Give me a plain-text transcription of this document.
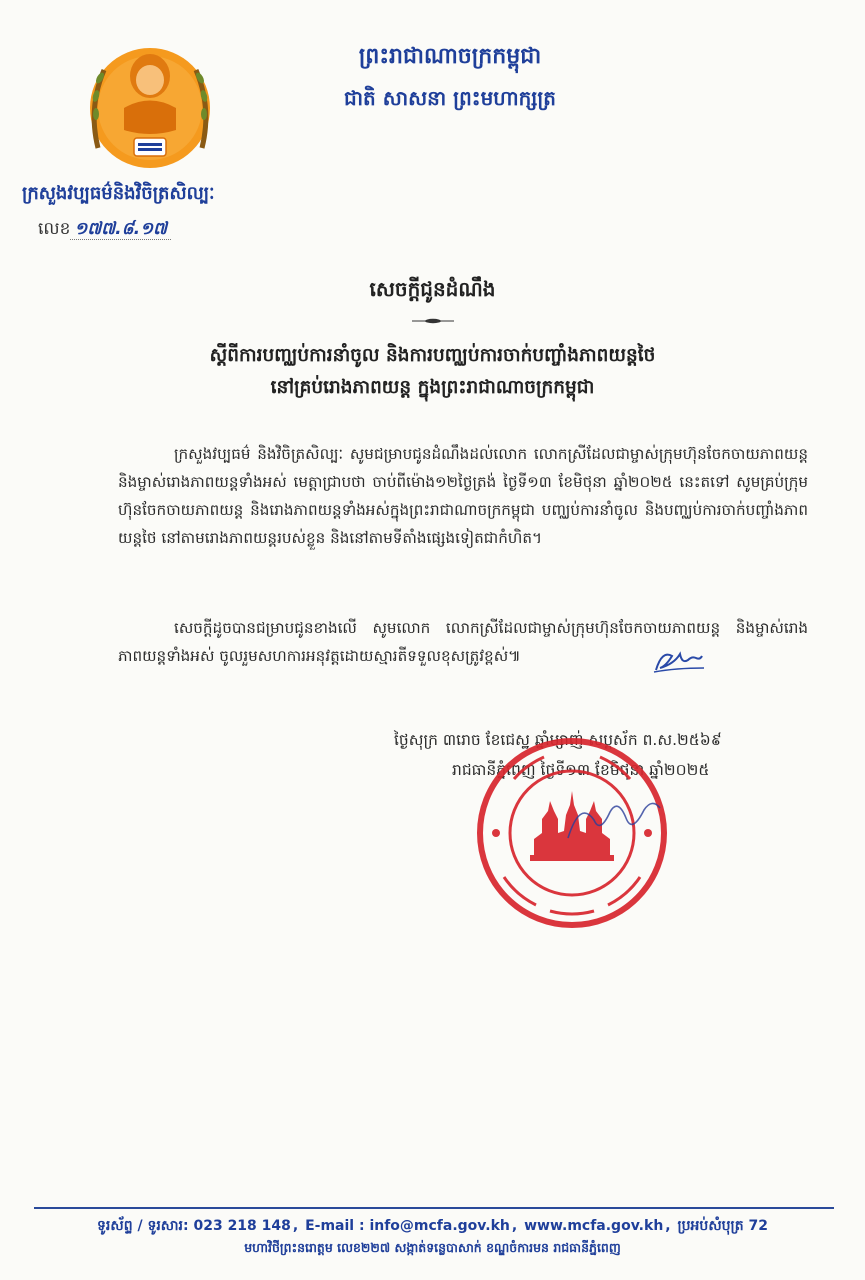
ព្រះរាជាណាចក្រកម្ពុជា
ជាតិ សាសនា ព្រះមហាក្សត្រ
ក្រសួងវប្បធម៌និងវិចិត្រសិល្បៈ
លេខ ១៧៧.៨.១៧
សេចក្ដីជូនដំណឹង
ស្ដីពីការបញ្ឈប់ការនាំចូល និងការបញ្ឈប់ការចាក់បញ្ចាំងភាពយន្តថៃ
នៅគ្រប់រោងភាពយន្ត ក្នុងព្រះរាជាណាចក្រកម្ពុជា
ក្រសួងវប្បធម៌ និងវិចិត្រសិល្បៈ សូមជម្រាបជូនដំណឹងដល់លោក លោកស្រីដែលជាម្ចាស់ក្រុមហ៊ុនចែកចាយភាពយន្ត និងម្ចាស់រោងភាពយន្តទាំងអស់ មេត្តាជ្រាបថា ចាប់ពីម៉ោង១២ថ្ងៃត្រង់ ថ្ងៃទី១៣ ខែមិថុនា ឆ្នាំ២០២៥ នេះតទៅ សូមគ្រប់ក្រុមហ៊ុនចែកចាយភាពយន្ត និងរោងភាពយន្តទាំងអស់ក្នុងព្រះរាជាណាចក្រកម្ពុជា បញ្ឈប់ការនាំចូល និងបញ្ឈប់ការចាក់បញ្ចាំងភាពយន្តថៃ នៅតាមរោងភាពយន្តរបស់ខ្លួន និងនៅតាមទីតាំងផ្សេងទៀតជាកំហិត។
សេចក្ដីដូចបានជម្រាបជូនខាងលើ សូមលោក លោកស្រីដែលជាម្ចាស់ក្រុមហ៊ុនចែកចាយភាពយន្ត និងម្ចាស់រោងភាពយន្តទាំងអស់ ចូលរួមសហការអនុវត្តដោយស្មារតីទទួលខុសត្រូវខ្ពស់៕
ថ្ងៃសុក្រ ៣រោច ខែជេស្ឋ ឆ្នាំម្សាញ់ សប្តស័ក ព.ស.២៥៦៩
រាជធានីភ្នំពេញ ថ្ងៃទី១៣ ខែមិថុនា ឆ្នាំ២០២៥
ទូរស័ព្ទ / ទូរសារ: 023 218 148 , E-mail : info@mcfa.gov.kh , www.mcfa.gov.kh , ប្រអប់សំបុត្រ 72
មហាវិថីព្រះនរោត្តម លេខ២២៧ សង្កាត់ទន្លេបាសាក់ ខណ្ឌចំការមន រាជធានីភ្នំពេញ
